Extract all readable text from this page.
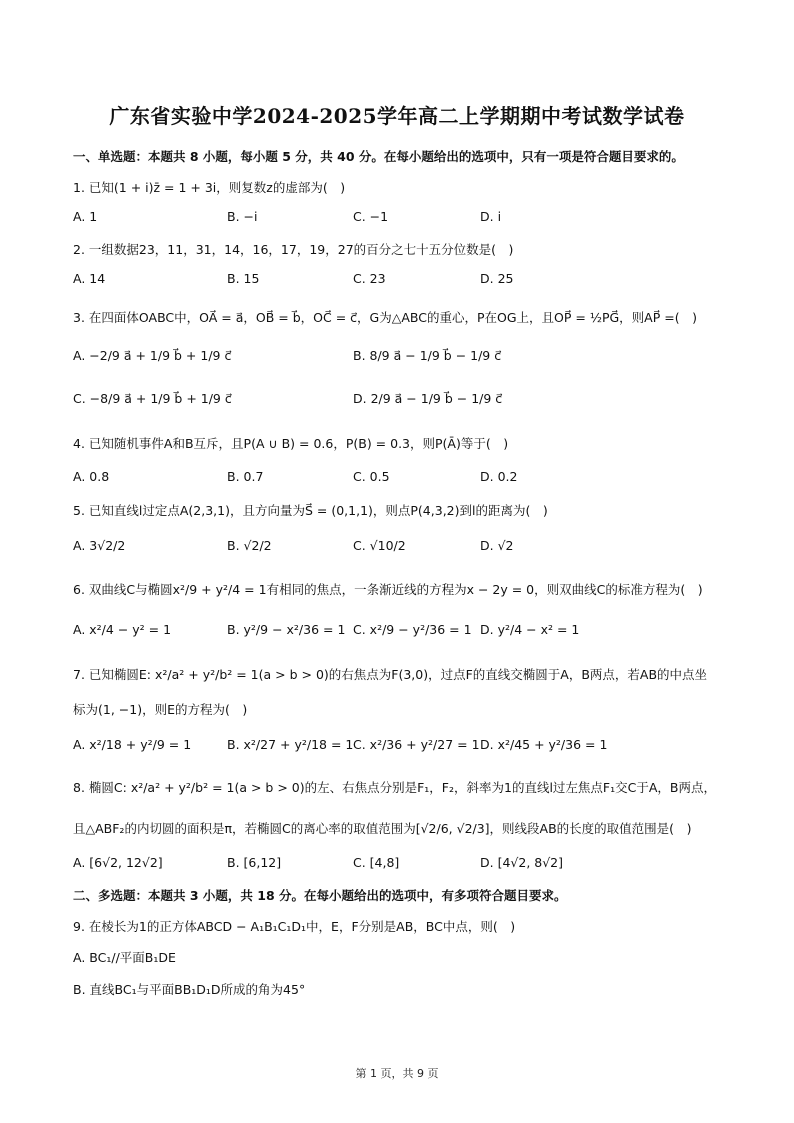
广东省实验中学2024-2025学年高二上学期期中考试数学试卷
一、单选题：本题共 8 小题，每小题 5 分，共 40 分。在每小题给出的选项中，只有一项是符合题目要求的。
1. 已知(1 + i)z̄ = 1 + 3i，则复数z的虚部为(　)
A. 1	B. −i	C. −1	D. i
2. 一组数据23，11，31，14，16，17，19，27的百分之七十五分位数是(　)
A. 14	B. 15	C. 23	D. 25
3. 在四面体OABC中，OA⃗ = a⃗，OB⃗ = b⃗，OC⃗ = c⃗，G为△ABC的重心，P在OG上，且OP⃗ = ½PG⃗，则AP⃗ =(　)
A. −2/9 a⃗ + 1/9 b⃗ + 1/9 c⃗	B. 8/9 a⃗ − 1/9 b⃗ − 1/9 c⃗
C. −8/9 a⃗ + 1/9 b⃗ + 1/9 c⃗	D. 2/9 a⃗ − 1/9 b⃗ − 1/9 c⃗
4. 已知随机事件A和B互斥，且P(A ∪ B) = 0.6，P(B) = 0.3，则P(Ā)等于(　)
A. 0.8	B. 0.7	C. 0.5	D. 0.2
5. 已知直线l过定点A(2,3,1)，且方向量为S⃗ = (0,1,1)，则点P(4,3,2)到l的距离为(　)
A. 3√2/2	B. √2/2	C. √10/2	D. √2
6. 双曲线C与椭圆x²/9 + y²/4 = 1有相同的焦点，一条渐近线的方程为x − 2y = 0，则双曲线C的标准方程为(　)
A. x²/4 − y² = 1	B. y²/9 − x²/36 = 1 C. x²/9 − y²/36 = 1 D. y²/4 − x² = 1
7. 已知椭圆E: x²/a² + y²/b² = 1(a > b > 0)的右焦点为F(3,0)，过点F的直线交椭圆于A，B两点，若AB的中点坐
标为(1, −1)，则E的方程为(　)
A. x²/18 + y²/9 = 1	B. x²/27 + y²/18 = 1 C. x²/36 + y²/27 = 1 D. x²/45 + y²/36 = 1
8. 椭圆C: x²/a² + y²/b² = 1(a > b > 0)的左、右焦点分别是F₁，F₂，斜率为1的直线l过左焦点F₁交C于A，B两点，
且△ABF₂的内切圆的面积是π，若椭圆C的离心率的取值范围为[√2/6, √2/3]，则线段AB的长度的取值范围是(　)
A. [6√2, 12√2]	B. [6,12]	C. [4,8]	D. [4√2, 8√2]
二、多选题：本题共 3 小题，共 18 分。在每小题给出的选项中，有多项符合题目要求。
9. 在棱长为1的正方体ABCD − A₁B₁C₁D₁中，E，F分别是AB，BC中点，则(　)
A. BC₁//平面B₁DE
B. 直线BC₁与平面BB₁D₁D所成的角为45°
第 1 页，共 9 页
